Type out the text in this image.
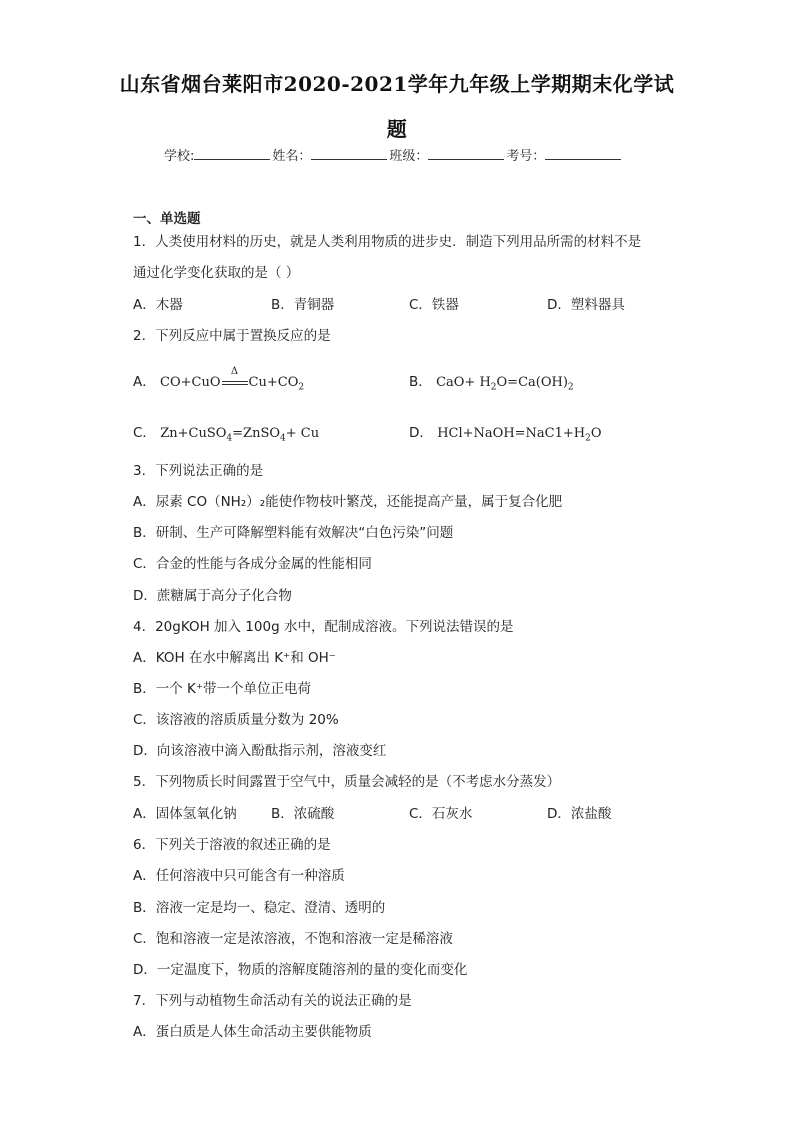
山东省烟台莱阳市2020-2021学年九年级上学期期末化学试
题
学校:	姓名：	班级：	考号：
一、单选题
1．人类使用材料的历史，就是人类利用物质的进步史．制造下列用品所需的材料不是
通过化学变化获取的是（ ）
A．木器	B．青铜器	C．铁器	D．塑料器具
2．下列反应中属于置换反应的是
A． CO+CuO
Δ
$Cu+CO_2$	B． $CaO+ H_2O=Ca(OH)_2$
C． Zn+CuSO$_4$=ZnSO$_4$+ Cu	D． $HCl+NaOH=NaC1+H_2O$
3．下列说法正确的是
A．尿素 CO（NH₂）₂能使作物枝叶繁茂，还能提高产量，属于复合化肥
B．研制、生产可降解塑料能有效解决“白色污染”问题
C．合金的性能与各成分金属的性能相同
D．蔗糖属于高分子化合物
4．20gKOH 加入 100g 水中，配制成溶液。下列说法错误的是
A．KOH 在水中解离出 K⁺和 OH⁻
B．一个 K⁺带一个单位正电荷
C．该溶液的溶质质量分数为 20%
D．向该溶液中滴入酚酞指示剂，溶液变红
5．下列物质长时间露置于空气中，质量会减轻的是（不考虑水分蒸发）
A．固体氢氧化钠	B．浓硫酸	C．石灰水	D．浓盐酸
6．下列关于溶液的叙述正确的是
A．任何溶液中只可能含有一种溶质
B．溶液一定是均一、稳定、澄清、透明的
C．饱和溶液一定是浓溶液，不饱和溶液一定是稀溶液
D．一定温度下，物质的溶解度随溶剂的量的变化而变化
7．下列与动植物生命活动有关的说法正确的是
A．蛋白质是人体生命活动主要供能物质
